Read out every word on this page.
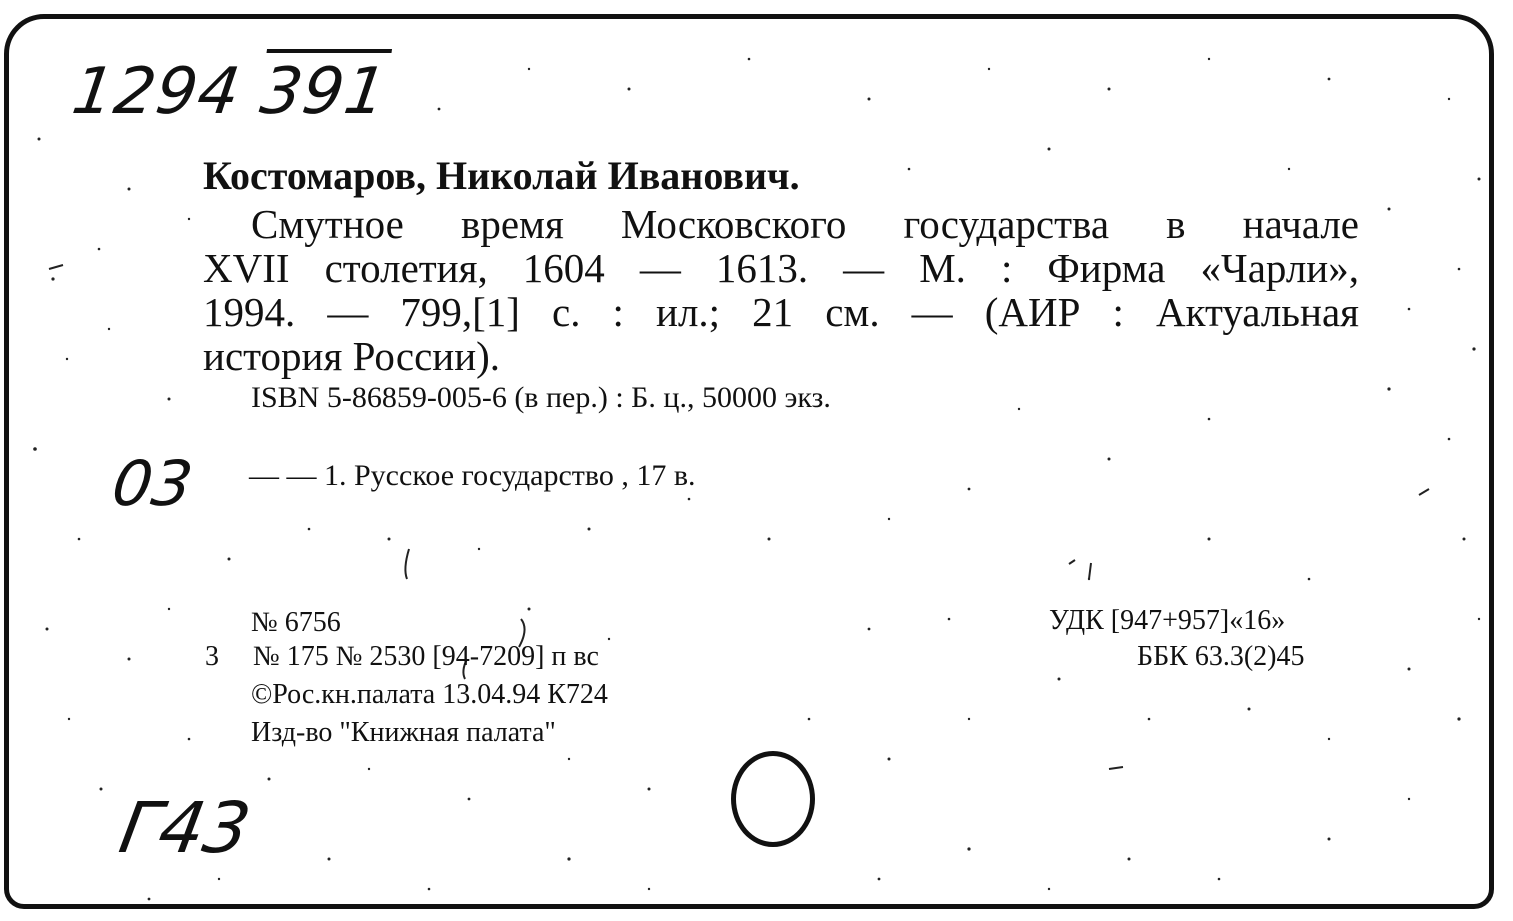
1294 391
Костомаров, Николай Иванович.
Смутное время Московского государства в начале
XVII столетия, 1604 — 1613. — М. : Фирма «Чарли»,
1994. — 799,[1] с. : ил.; 21 см. — (АИР : Актуальная
история России).
ISBN 5-86859-005-6 (в пер.) : Б. ц., 50000 экз.
03 — — 1. Русское государство , 17 в.
№ 6756
3 № 175 № 2530 [94-7209] п вс
©Рос.кн.палата 13.04.94 К724
Изд-во "Книжная палата"
УДК [947+957]«16»
ББК 63.3(2)45
Г43
